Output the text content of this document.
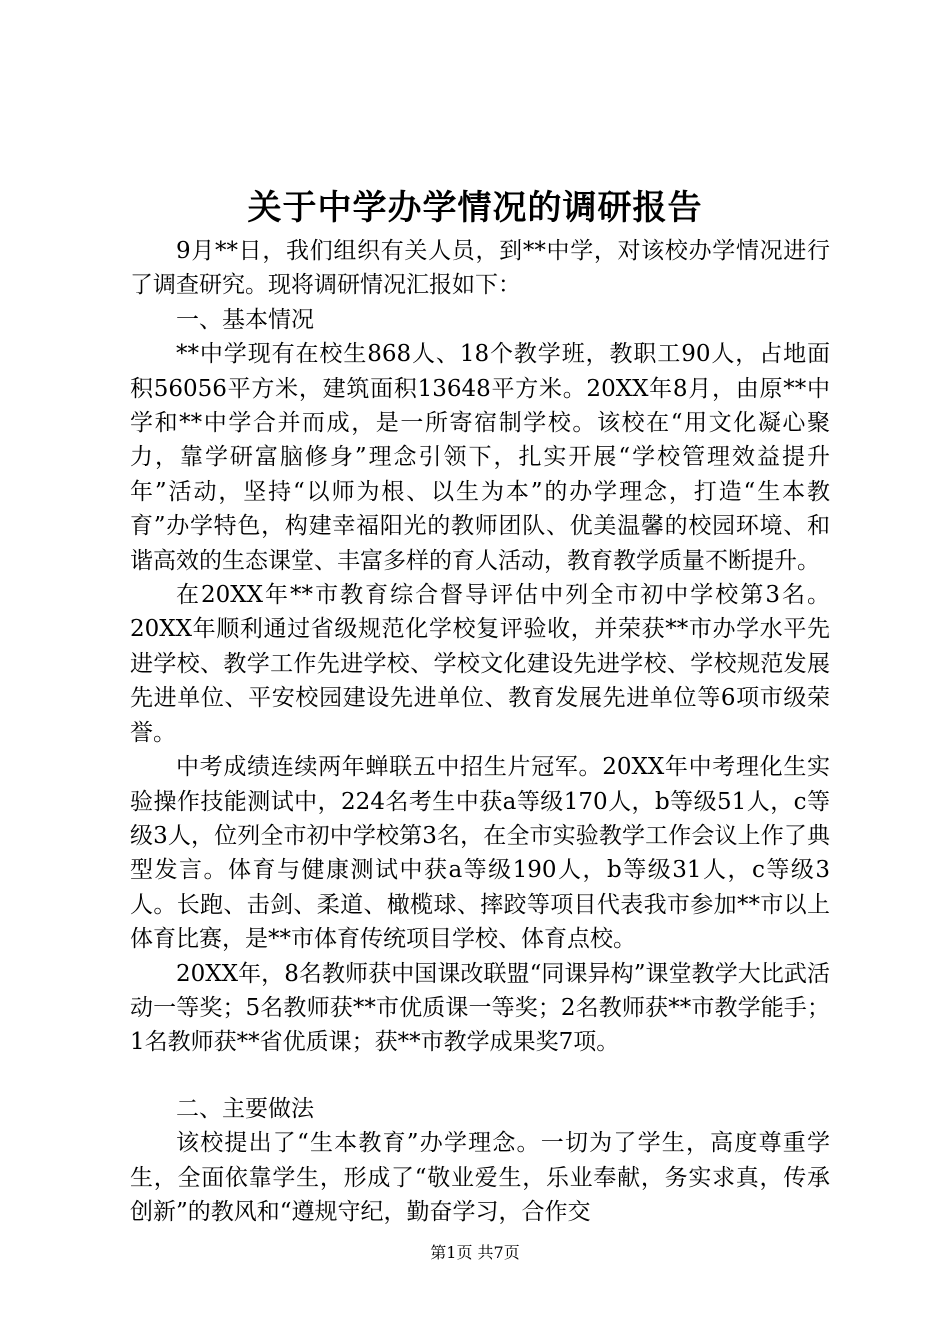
关于中学办学情况的调研报告

9月**日，我们组织有关人员，到**中学，对该校办学情况进行了调查研究。现将调研情况汇报如下：

一、基本情况

**中学现有在校生868人、18个教学班，教职工90人，占地面积56056平方米，建筑面积13648平方米。20XX年8月，由原**中学和**中学合并而成，是一所寄宿制学校。该校在“用文化凝心聚力，靠学研富脑修身”理念引领下，扎实开展“学校管理效益提升年”活动，坚持“以师为根、以生为本”的办学理念，打造“生本教育”办学特色，构建幸福阳光的教师团队、优美温馨的校园环境、和谐高效的生态课堂、丰富多样的育人活动，教育教学质量不断提升。

在20XX年**市教育综合督导评估中列全市初中学校第3名。20XX年顺利通过省级规范化学校复评验收，并荣获**市办学水平先进学校、教学工作先进学校、学校文化建设先进学校、学校规范发展先进单位、平安校园建设先进单位、教育发展先进单位等6项市级荣誉。

中考成绩连续两年蝉联五中招生片冠军。20XX年中考理化生实验操作技能测试中，224名考生中获a等级170人，b等级51人，c等级3人，位列全市初中学校第3名，在全市实验教学工作会议上作了典型发言。体育与健康测试中获a等级190人，b等级31人，c等级3人。长跑、击剑、柔道、橄榄球、摔跤等项目代表我市参加**市以上体育比赛，是**市体育传统项目学校、体育点校。

20XX年，8名教师获中国课改联盟“同课异构”课堂教学大比武活动一等奖；5名教师获**市优质课一等奖；2名教师获**市教学能手；1名教师获**省优质课；获**市教学成果奖7项。

二、主要做法

该校提出了“生本教育”办学理念。一切为了学生，高度尊重学生，全面依靠学生，形成了“敬业爱生，乐业奉献，务实求真，传承创新”的教风和“遵规守纪，勤奋学习，合作交

第1页 共7页
